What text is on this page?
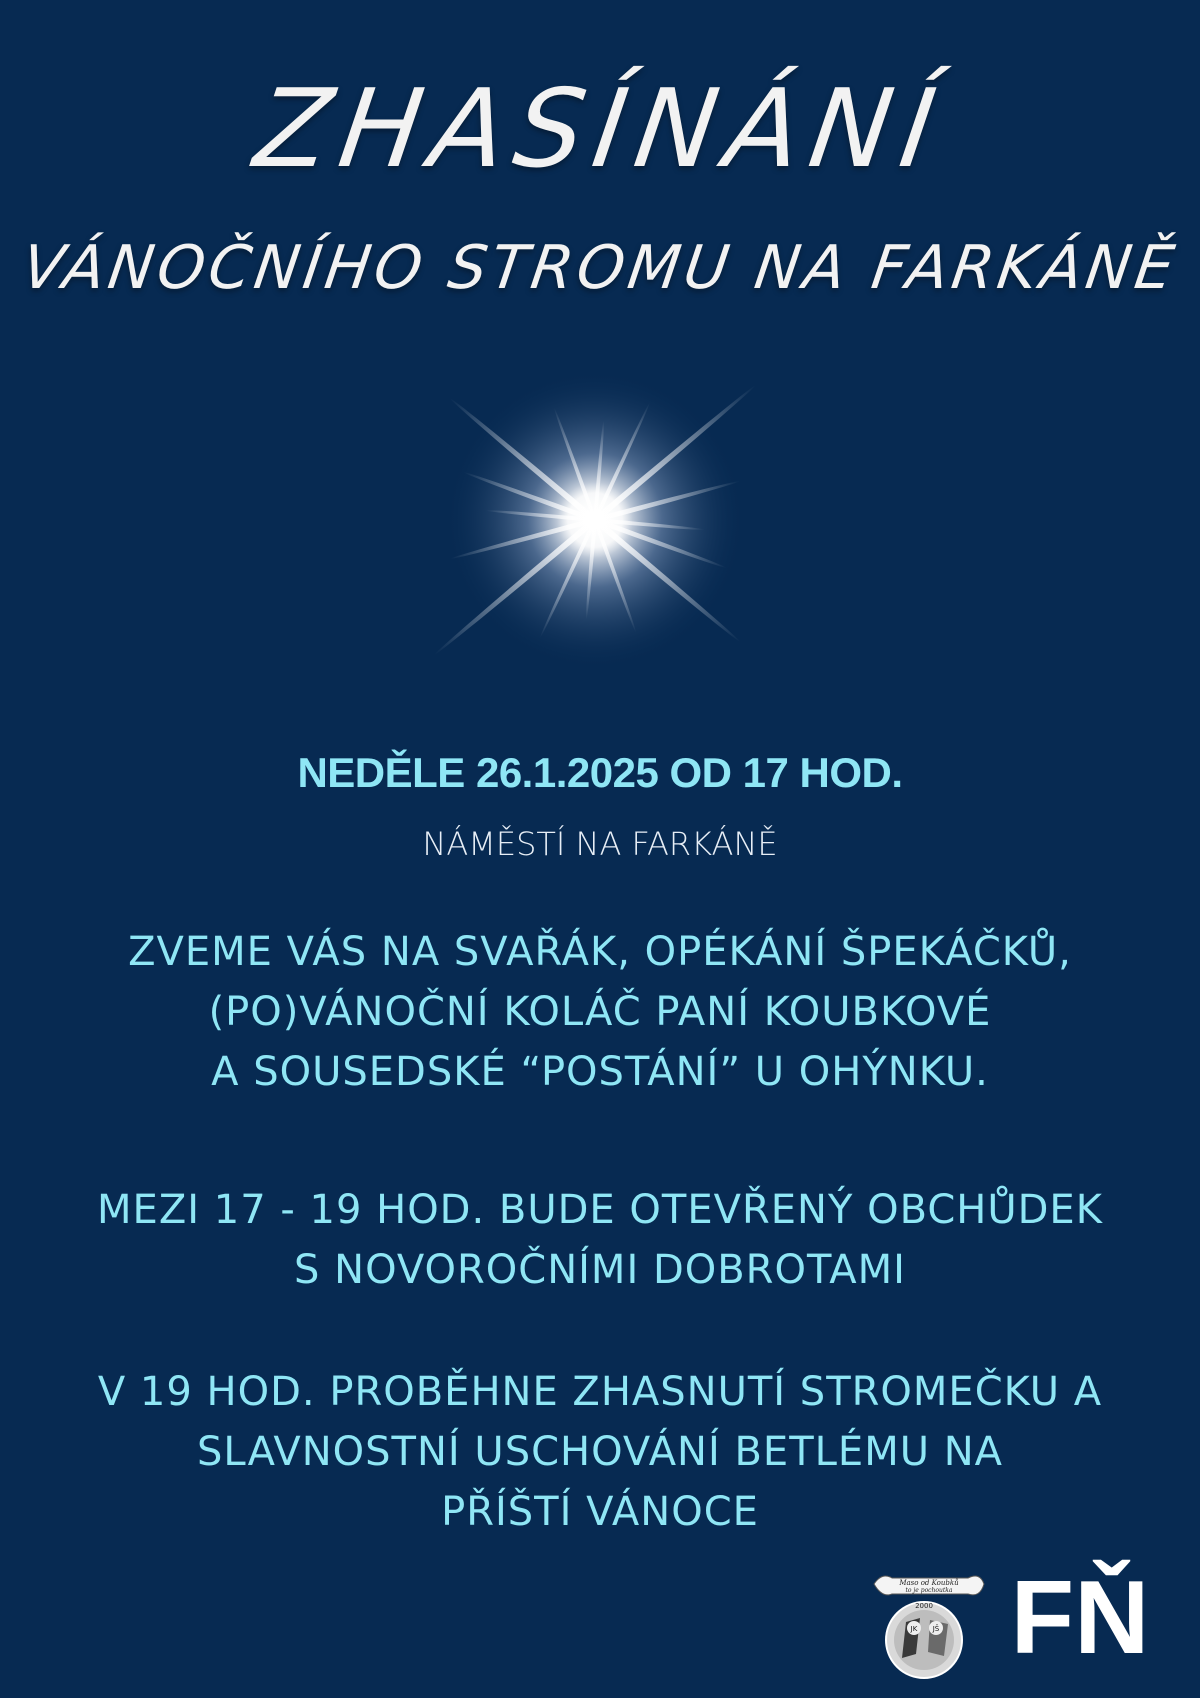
ZHASÍNÁNÍ
VÁNOČNÍHO STROMU NA FARKÁNĚ
NEDĚLE 26.1.2025 OD 17 HOD.
NÁMĚSTÍ NA FARKÁNĚ
ZVEME VÁS NA SVAŘÁK, OPÉKÁNÍ ŠPEKÁČKŮ,
(PO)VÁNOČNÍ KOLÁČ PANÍ KOUBKOVÉ
A SOUSEDSKÉ “POSTÁNÍ” U OHÝNKU.
MEZI 17 - 19 HOD. BUDE OTEVŘENÝ OBCHŮDEK
S NOVOROČNÍMI DOBROTAMI
V 19 HOD. PROBĚHNE ZHASNUTÍ STROMEČKU A
SLAVNOSTNÍ USCHOVÁNÍ BETLÉMU NA
PŘÍŠTÍ VÁNOCE
Maso od Koubků
to je pochoutka
2000
JK JŠ FŇ
